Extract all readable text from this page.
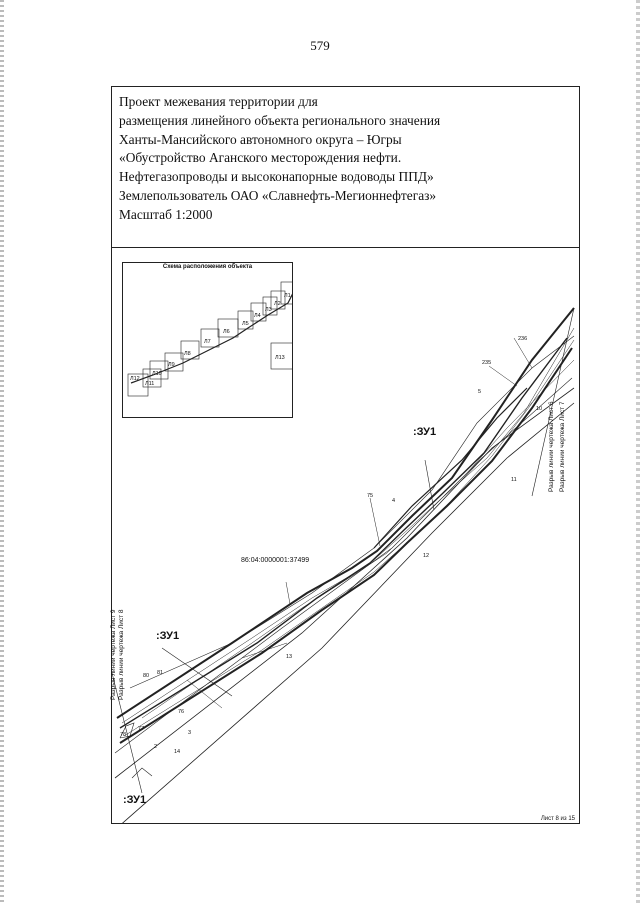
579
Проект межевания территории для
размещения линейного объекта регионального значения
Ханты-Мансийского автономного округа – Югры
«Обустройство Аганского месторождения нефти.
Нефтегазопроводы и высоконапорные водоводы ППД»
Землепользователь ОАО «Славнефть-Мегионнефтегаз»
Масштаб 1:2000
Схема расположения объекта
Л1
Л2
Л3
Л4
Л5
Л6
Л7
Л8
Л9
Л10
Л11
Л12
Л13
:ЗУ1
:ЗУ1
:ЗУ1
86:04:0000001:37499
236
235
5
10
11
75
4
12
13
81
80
76
77
78	3
2
14
Разрыв линии чертежа Лист 9 Разрыв линии чертежа Лист 8
Разрыв линии чертежа Лист 6 Разрыв линии чертежа Лист 7
Лист 8 из 15
